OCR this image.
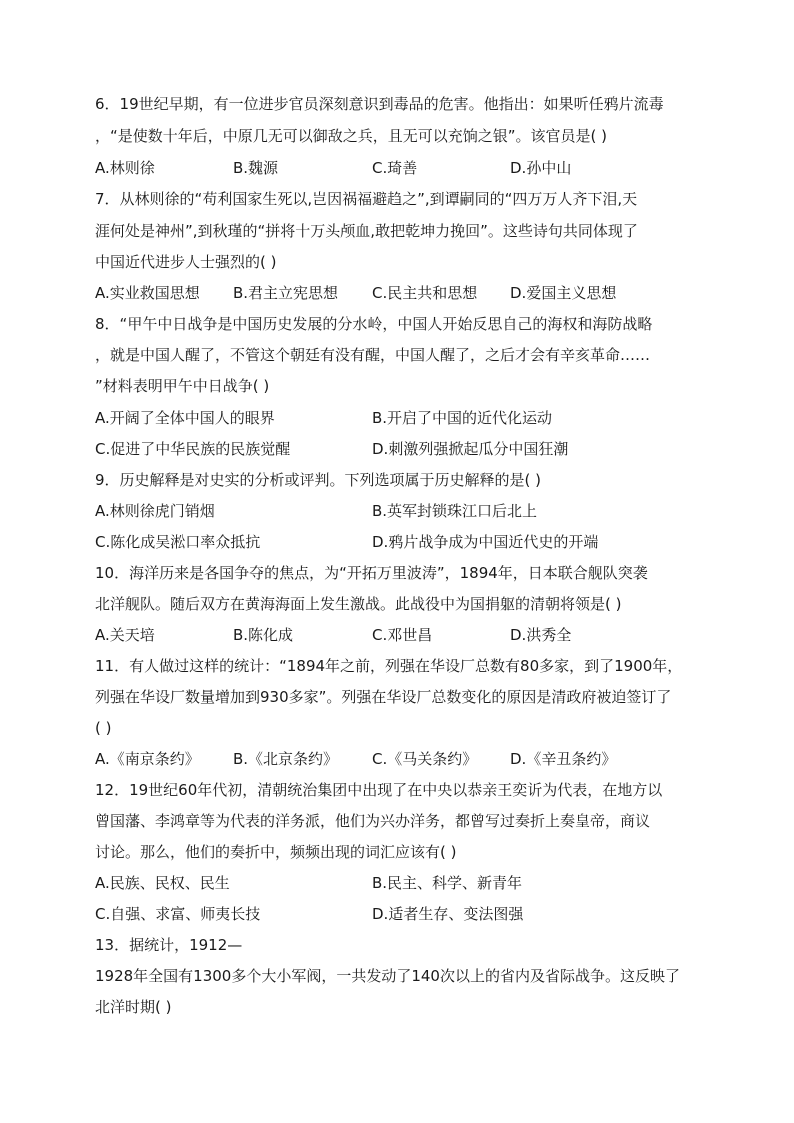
6．19世纪早期，有一位进步官员深刻意识到毒品的危害。他指出：如果听任鸦片流毒
，“是使数十年后，中原几无可以御敌之兵，且无可以充饷之银”。该官员是( )
A.林则徐	B.魏源	C.琦善	D.孙中山
7．从林则徐的“苟利国家生死以,岂因祸福避趋之”,到谭嗣同的“四万万人齐下泪,天
涯何处是神州”,到秋瑾的“拼将十万头颅血,敢把乾坤力挽回”。这些诗句共同体现了
中国近代进步人士强烈的( )
A.实业救国思想 B.君主立宪思想 C.民主共和思想 D.爱国主义思想
8．“甲午中日战争是中国历史发展的分水岭，中国人开始反思自己的海权和海防战略
，就是中国人醒了，不管这个朝廷有没有醒，中国人醒了，之后才会有辛亥革命……
”材料表明甲午中日战争( )
A.开阔了全体中国人的眼界	B.开启了中国的近代化运动
C.促进了中华民族的民族觉醒	D.刺激列强掀起瓜分中国狂潮
9．历史解释是对史实的分析或评判。下列选项属于历史解释的是( )
A.林则徐虎门销烟	B.英军封锁珠江口后北上
C.陈化成吴淞口率众抵抗	D.鸦片战争成为中国近代史的开端
10．海洋历来是各国争夺的焦点，为“开拓万里波涛”，1894年，日本联合舰队突袭
北洋舰队。随后双方在黄海海面上发生激战。此战役中为国捐躯的清朝将领是( )
A.关天培	B.陈化成	C.邓世昌	D.洪秀全
11．有人做过这样的统计：“1894年之前，列强在华设厂总数有80多家，到了1900年，
列强在华设厂数量增加到930多家”。列强在华设厂总数变化的原因是清政府被迫签订了
( )
A.《南京条约》 B.《北京条约》 C.《马关条约》 D.《辛丑条约》
12．19世纪60年代初，清朝统治集团中出现了在中央以恭亲王奕䜣为代表，在地方以
曾国藩、李鸿章等为代表的洋务派，他们为兴办洋务，都曾写过奏折上奏皇帝，商议
讨论。那么，他们的奏折中，频频出现的词汇应该有( )
A.民族、民权、民生	B.民主、科学、新青年
C.自强、求富、师夷长技	D.适者生存、变法图强
13．据统计，1912—
1928年全国有1300多个大小军阀，一共发动了140次以上的省内及省际战争。这反映了
北洋时期( )
